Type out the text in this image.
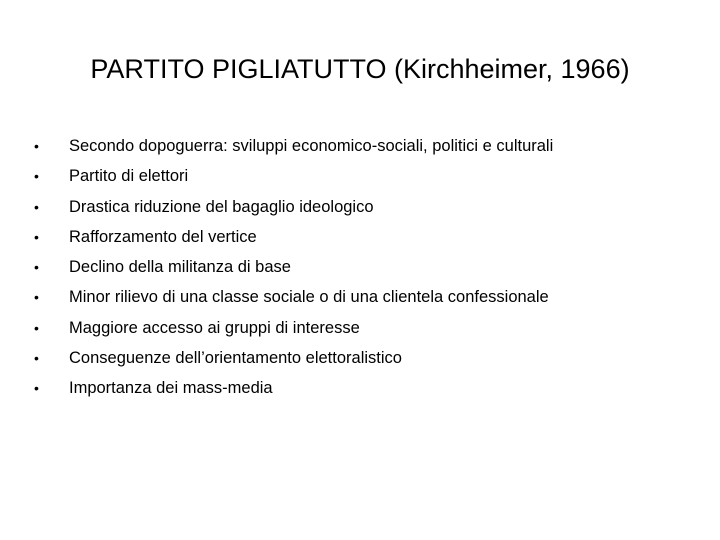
PARTITO PIGLIATUTTO (Kirchheimer, 1966)
• Secondo dopoguerra: sviluppi economico-sociali, politici e culturali
• Partito di elettori
• Drastica riduzione del bagaglio ideologico
• Rafforzamento del vertice
• Declino della militanza di base
• Minor rilievo di una classe sociale o di una clientela confessionale
• Maggiore accesso ai gruppi di interesse
• Conseguenze dell’orientamento elettoralistico
• Importanza dei mass-media
